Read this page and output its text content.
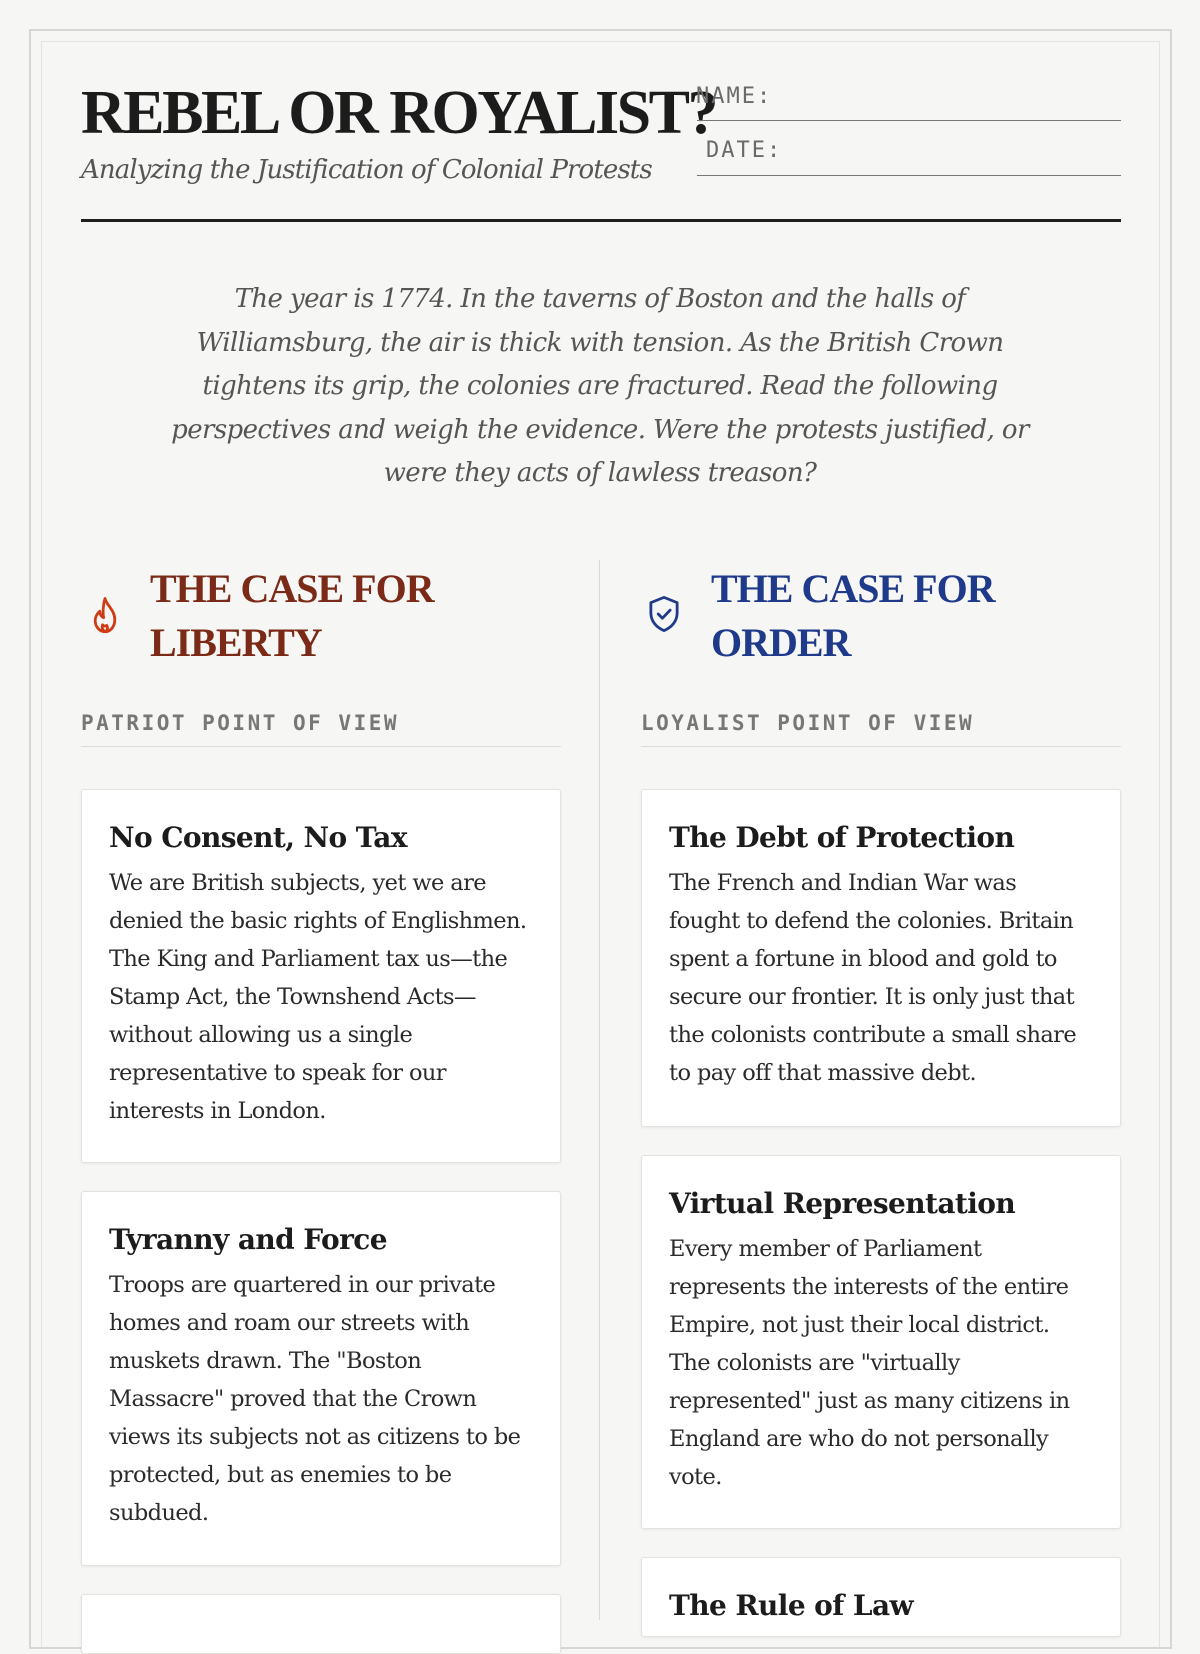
REBEL OR ROYALIST?
Analyzing the Justification of Colonial Protests
NAME:
DATE:

The year is 1774. In the taverns of Boston and the halls of Williamsburg, the air is thick with tension. As the British Crown tightens its grip, the colonies are fractured. Read the following perspectives and weigh the evidence. Were the protests justified, or were they acts of lawless treason?

THE CASE FOR LIBERTY
PATRIOT POINT OF VIEW
No Consent, No Tax

We are British subjects, yet we are denied the basic rights of Englishmen. The King and Parliament tax us—the Stamp Act, the Townshend Acts—without allowing us a single representative to speak for our interests in London.

Tyranny and Force

Troops are quartered in our private homes and roam our streets with muskets drawn. The "Boston Massacre" proved that the Crown views its subjects not as citizens to be protected, but as enemies to be subdued.

THE CASE FOR ORDER
LOYALIST POINT OF VIEW
The Debt of Protection

The French and Indian War was fought to defend the colonies. Britain spent a fortune in blood and gold to secure our frontier. It is only just that the colonists contribute a small share to pay off that massive debt.

Virtual Representation

Every member of Parliament represents the interests of the entire Empire, not just their local district. The colonists are "virtually represented" just as many citizens in England are who do not personally vote.

The Rule of Law
